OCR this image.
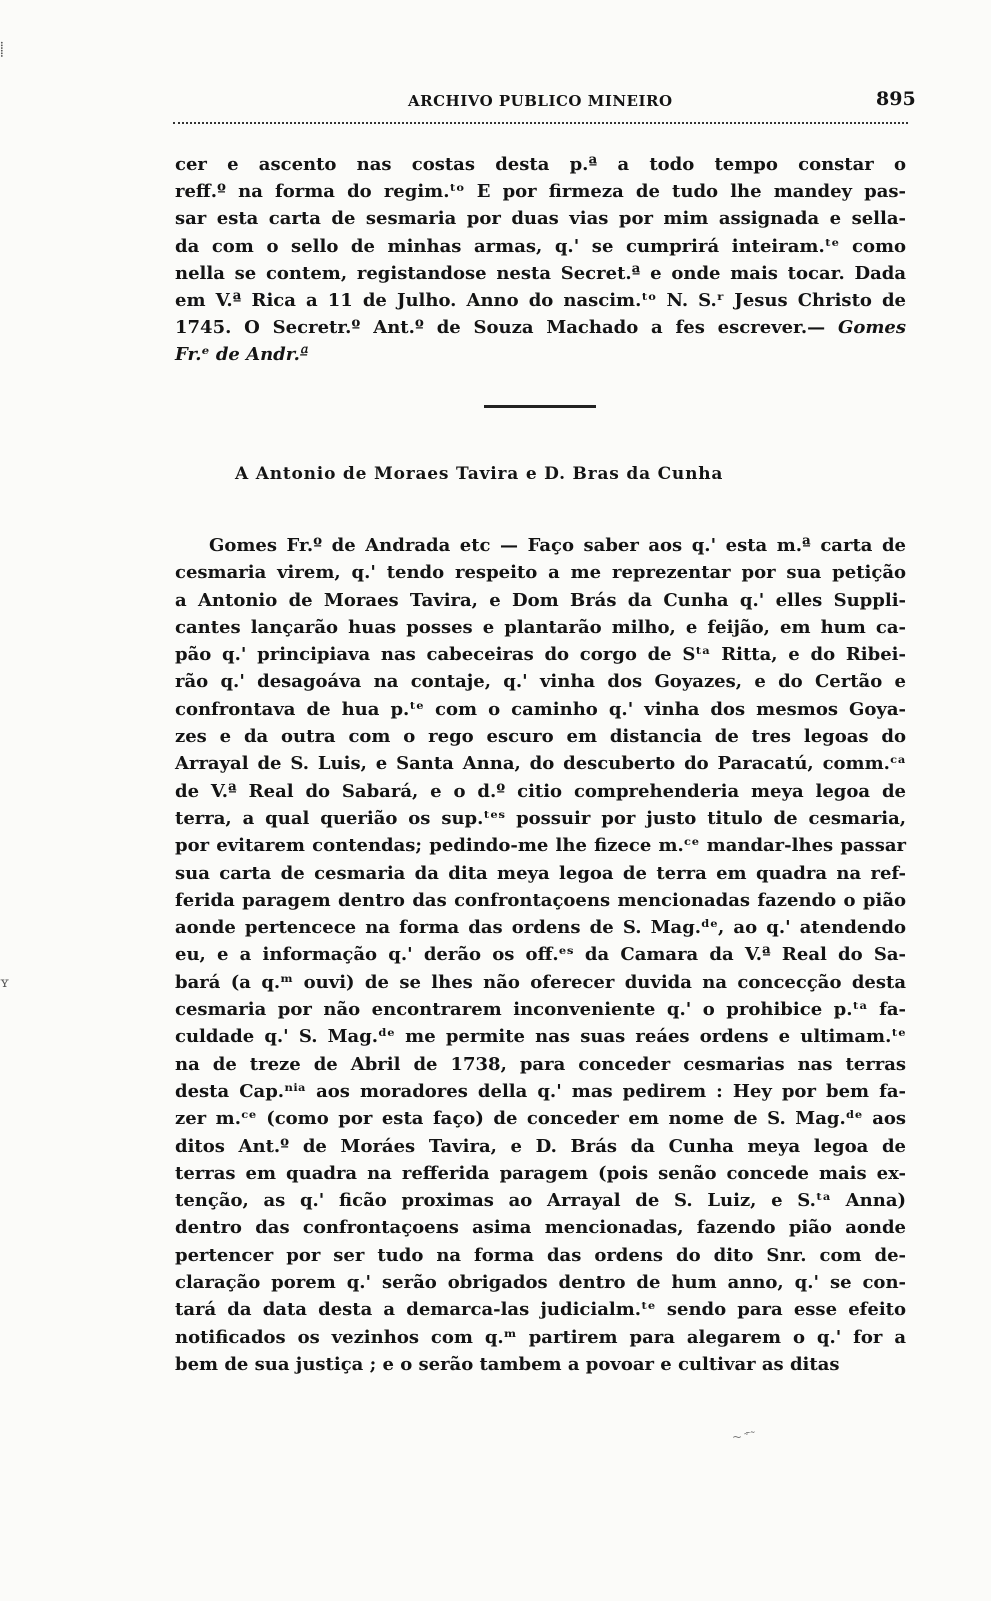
ARCHIVO PUBLICO MINEIRO	895
cer e ascento nas costas desta p.ª a todo tempo constar o
reff.º na forma do regim.ᵗᵒ E por firmeza de tudo lhe mandey pas-
sar esta carta de sesmaria por duas vias por mim assignada e sella-
da com o sello de minhas armas, q.' se cumprirá inteiram.ᵗᵉ como
nella se contem, registandose nesta Secret.ª e onde mais tocar. Dada
em V.ª Rica a 11 de Julho. Anno do nascim.ᵗᵒ N. S.ʳ Jesus Christo de
1745. O Secretr.º Ant.º de Souza Machado a fes escrever.— Gomes
Fr.ᵉ de Andr.ª
A Antonio de Moraes Tavira e D. Bras da Cunha
Gomes Fr.º de Andrada etc — Faço saber aos q.' esta m.ª carta de
cesmaria virem, q.' tendo respeito a me reprezentar por sua petição
a Antonio de Moraes Tavira, e Dom Brás da Cunha q.' elles Suppli-
cantes lançarão huas posses e plantarão milho, e feijão, em hum ca-
pão q.' principiava nas cabeceiras do corgo de Sᵗᵃ Ritta, e do Ribei-
rão q.' desagoáva na contaje, q.' vinha dos Goyazes, e do Certão e
confrontava de hua p.ᵗᵉ com o caminho q.' vinha dos mesmos Goya-
zes e da outra com o rego escuro em distancia de tres legoas do
Arrayal de S. Luis, e Santa Anna, do descuberto do Paracatú, comm.ᶜᵃ
de V.ª Real do Sabará, e o d.º citio comprehenderia meya legoa de
terra, a qual querião os sup.ᵗᵉˢ possuir por justo titulo de cesmaria,
por evitarem contendas; pedindo-me lhe fizece m.ᶜᵉ mandar-lhes passar
sua carta de cesmaria da dita meya legoa de terra em quadra na ref-
ferida paragem dentro das confrontaçoens mencionadas fazendo o pião
aonde pertencece na forma das ordens de S. Mag.ᵈᵉ, ao q.' atendendo
eu, e a informação q.' derão os off.ᵉˢ da Camara da V.ª Real do Sa-
bará (a q.ᵐ ouvi) de se lhes não oferecer duvida na concecção desta
cesmaria por não encontrarem inconveniente q.' o prohibice p.ᵗᵃ fa-
culdade q.' S. Mag.ᵈᵉ me permite nas suas reáes ordens e ultimam.ᵗᵉ
na de treze de Abril de 1738, para conceder cesmarias nas terras
desta Cap.ⁿⁱᵃ aos moradores della q.' mas pedirem : Hey por bem fa-
zer m.ᶜᵉ (como por esta faço) de conceder em nome de S. Mag.ᵈᵉ aos
ditos Ant.º de Moráes Tavira, e D. Brás da Cunha meya legoa de
terras em quadra na refferida paragem (pois senão concede mais ex-
tenção, as q.' ficão proximas ao Arrayal de S. Luiz, e S.ᵗᵃ Anna)
dentro das confrontaçoens asima mencionadas, fazendo pião aonde
pertencer por ser tudo na forma das ordens do dito Snr. com de-
claração porem q.' serão obrigados dentro de hum anno, q.' se con-
tará da data desta a demarca-las judicialm.ᵗᵉ sendo para esse efeito
notificados os vezinhos com q.ᵐ partirem para alegarem o q.' for a
bem de sua justiça ; e o serão tambem a povoar e cultivar as ditas
⸽
ʏ
~ ͂ ̄ ̃
